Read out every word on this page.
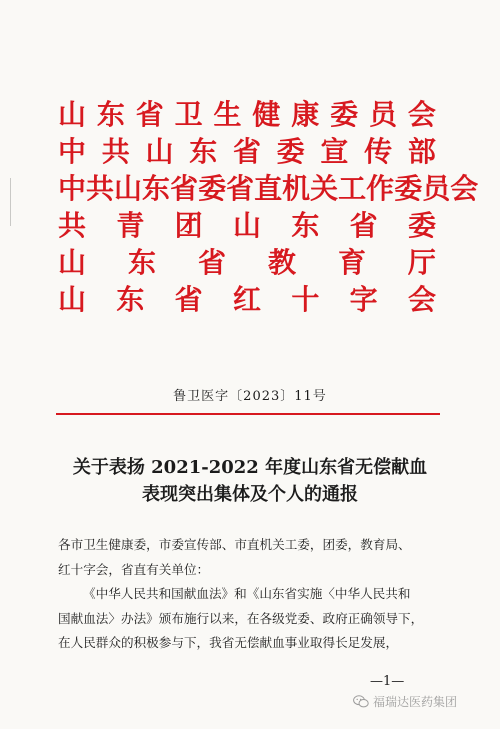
山 东 省 卫 生 健 康 委 员 会
中 共 山 东 省 委 宣 传 部
中 共 山 东 省 委 省 直 机 关 工 作 委 员 会
共 青 团 山 东 省 委
山 东 省 教 育 厅
山 东 省 红 十 字 会
鲁卫医字〔2023〕11号
关于表扬 2021-2022 年度山东省无偿献血
表现突出集体及个人的通报
各市卫生健康委，市委宣传部、市直机关工委，团委，教育局、
红十字会，省直有关单位：
《中华人民共和国献血法》和《山东省实施〈中华人民共和
国献血法〉办法》颁布施行以来，在各级党委、政府正确领导下，
在人民群众的积极参与下，我省无偿献血事业取得长足发展，
—1—
福瑞达医药集团
